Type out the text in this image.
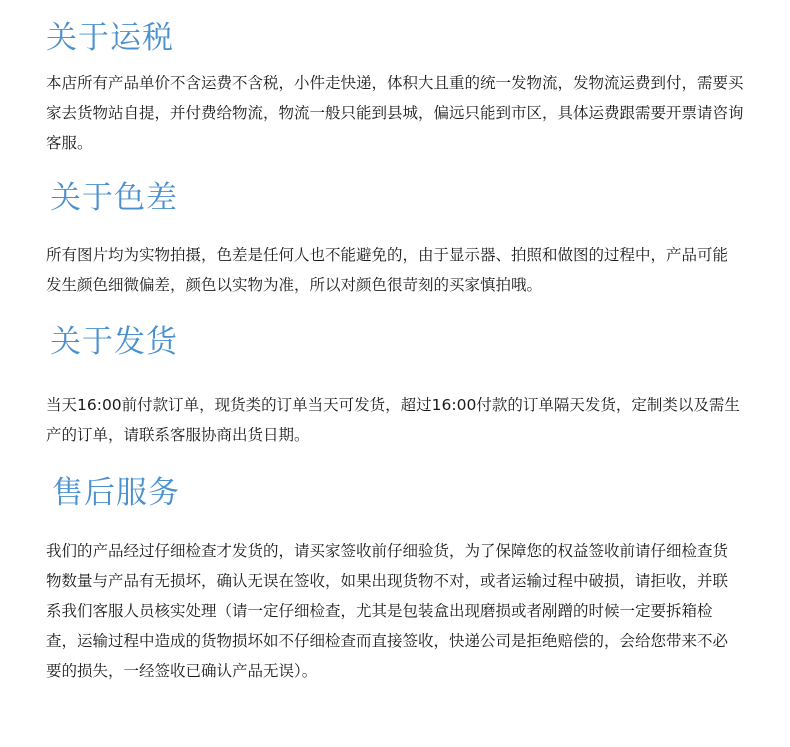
关于运税

本店所有产品单价不含运费不含税，小件走快递，体积大且重的统一发物流，发物流运费到付，需要买家去货物站自提，并付费给物流，物流一般只能到县城，偏远只能到市区，具体运费跟需要开票请咨询客服。

关于色差

所有图片均为实物拍摄，色差是任何人也不能避免的，由于显示器、拍照和做图的过程中，产品可能发生颜色细微偏差，颜色以实物为准，所以对颜色很苛刻的买家慎拍哦。

关于发货

当天16:00前付款订单，现货类的订单当天可发货，超过16:00付款的订单隔天发货，定制类以及需生产的订单，请联系客服协商出货日期。

售后服务

我们的产品经过仔细检查才发货的，请买家签收前仔细验货，为了保障您的权益签收前请仔细检查货物数量与产品有无损坏，确认无误在签收，如果出现货物不对，或者运输过程中破损，请拒收，并联系我们客服人员核实处理（请一定仔细检查，尤其是包装盒出现磨损或者剐蹭的时候一定要拆箱检查，运输过程中造成的货物损坏如不仔细检查而直接签收，快递公司是拒绝赔偿的，会给您带来不必要的损失，一经签收已确认产品无误）。
